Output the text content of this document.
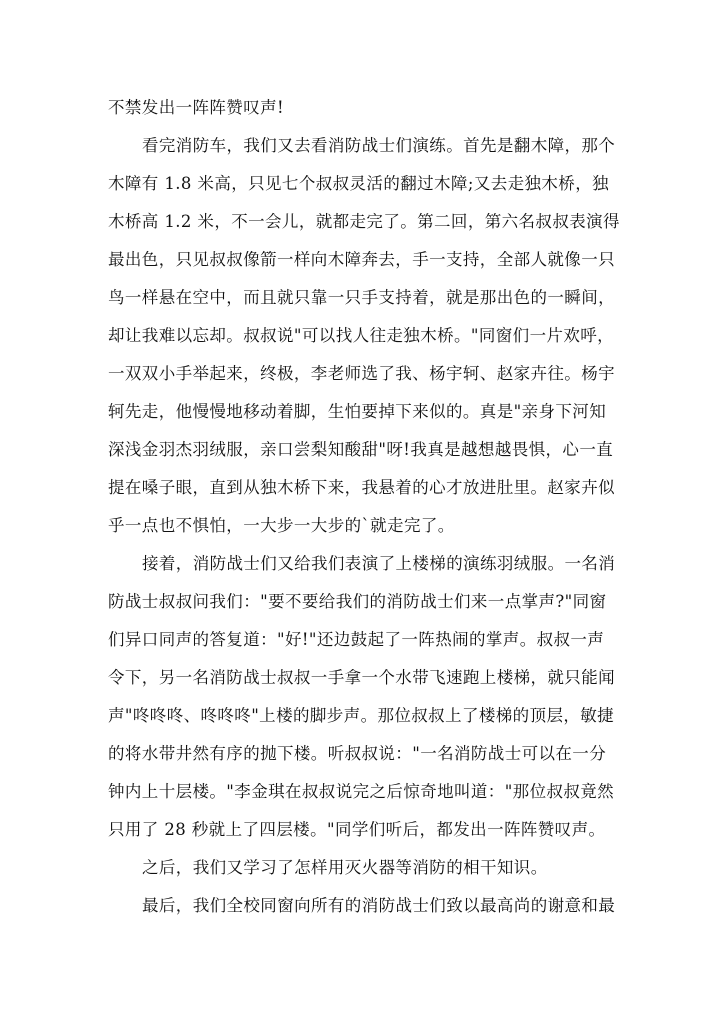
不禁发出一阵阵赞叹声!
看完消防车，我们又去看消防战士们演练。首先是翻木障，那个
木障有 1.8 米高，只见七个叔叔灵活的翻过木障;又去走独木桥，独
木桥高 1.2 米，不一会儿，就都走完了。第二回，第六名叔叔表演得
最出色，只见叔叔像箭一样向木障奔去，手一支持，全部人就像一只
鸟一样悬在空中，而且就只靠一只手支持着，就是那出色的一瞬间，
却让我难以忘却。叔叔说"可以找人往走独木桥。"同窗们一片欢呼，
一双双小手举起来，终极，李老师选了我、杨宇轲、赵家卉往。杨宇
轲先走，他慢慢地移动着脚，生怕要掉下来似的。真是"亲身下河知
深浅金羽杰羽绒服，亲口尝梨知酸甜"呀!我真是越想越畏惧，心一直
提在嗓子眼，直到从独木桥下来，我悬着的心才放进肚里。赵家卉似
乎一点也不惧怕，一大步一大步的`就走完了。
接着，消防战士们又给我们表演了上楼梯的演练羽绒服。一名消
防战士叔叔问我们："要不要给我们的消防战士们来一点掌声?"同窗
们异口同声的答复道："好!"还边鼓起了一阵热闹的掌声。叔叔一声
令下，另一名消防战士叔叔一手拿一个水带飞速跑上楼梯，就只能闻
声"咚咚咚、咚咚咚"上楼的脚步声。那位叔叔上了楼梯的顶层，敏捷
的将水带井然有序的抛下楼。听叔叔说："一名消防战士可以在一分
钟内上十层楼。"李金琪在叔叔说完之后惊奇地叫道："那位叔叔竟然
只用了 28 秒就上了四层楼。"同学们听后，都发出一阵阵赞叹声。
之后，我们又学习了怎样用灭火器等消防的相干知识。
最后，我们全校同窗向所有的消防战士们致以最高尚的谢意和最
